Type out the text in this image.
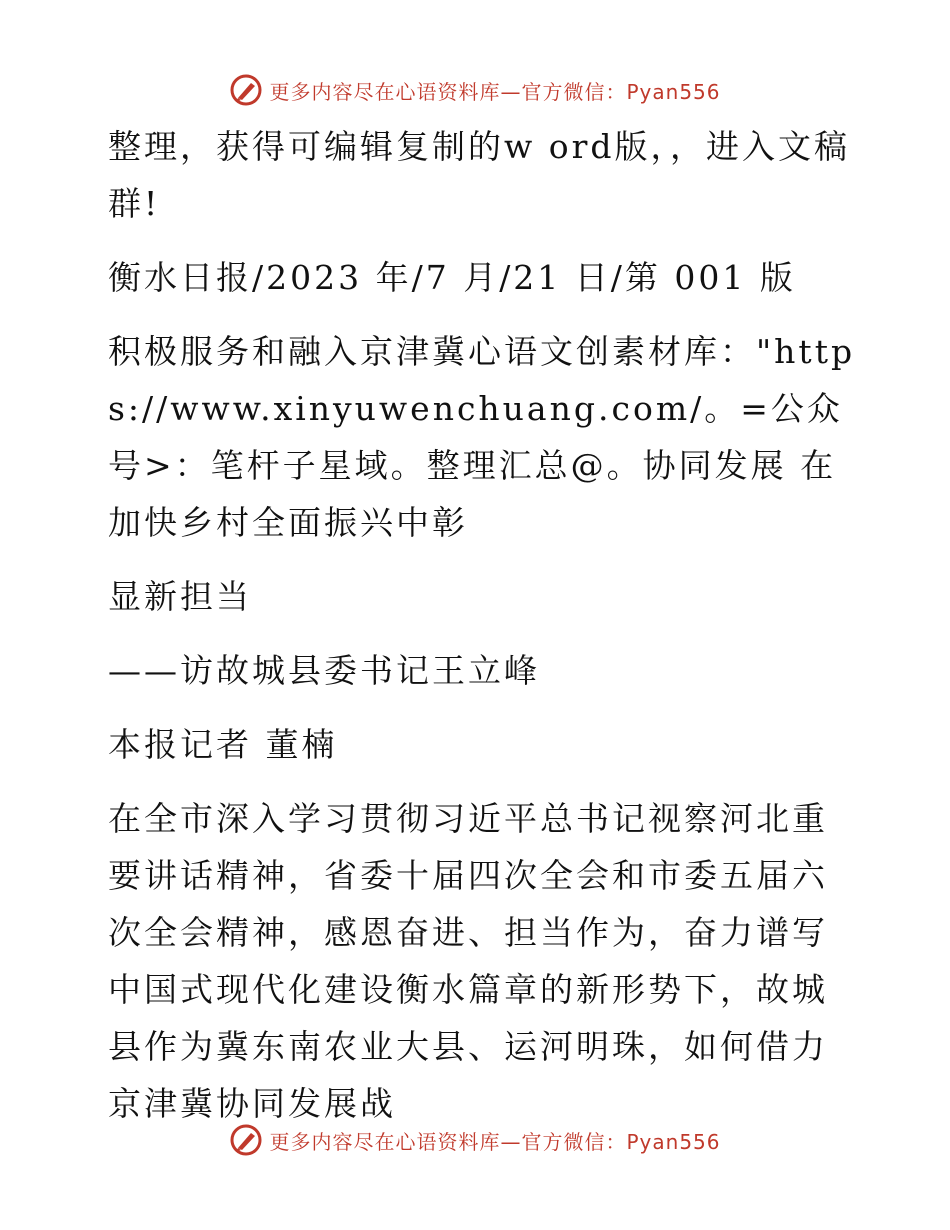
更多内容尽在心语资料库—官方微信：Pyan556

整理，获得可编辑复制的w ord版，，进入文稿群!

衡水日报/2023 年/7 月/21 日/第 001 版

积极服务和融入京津冀心语文创素材库："https://www.xinyuwenchuang.com/。=公众号>：笔杆子星域。整理汇总@。协同发展 在加快乡村全面振兴中彰

显新担当

——访故城县委书记王立峰

本报记者 董楠

在全市深入学习贯彻习近平总书记视察河北重要讲话精神，省委十届四次全会和市委五届六次全会精神，感恩奋进、担当作为，奋力谱写中国式现代化建设衡水篇章的新形势下，故城县作为冀东南农业大县、运河明珠，如何借力京津冀协同发展战

更多内容尽在心语资料库—官方微信：Pyan556
